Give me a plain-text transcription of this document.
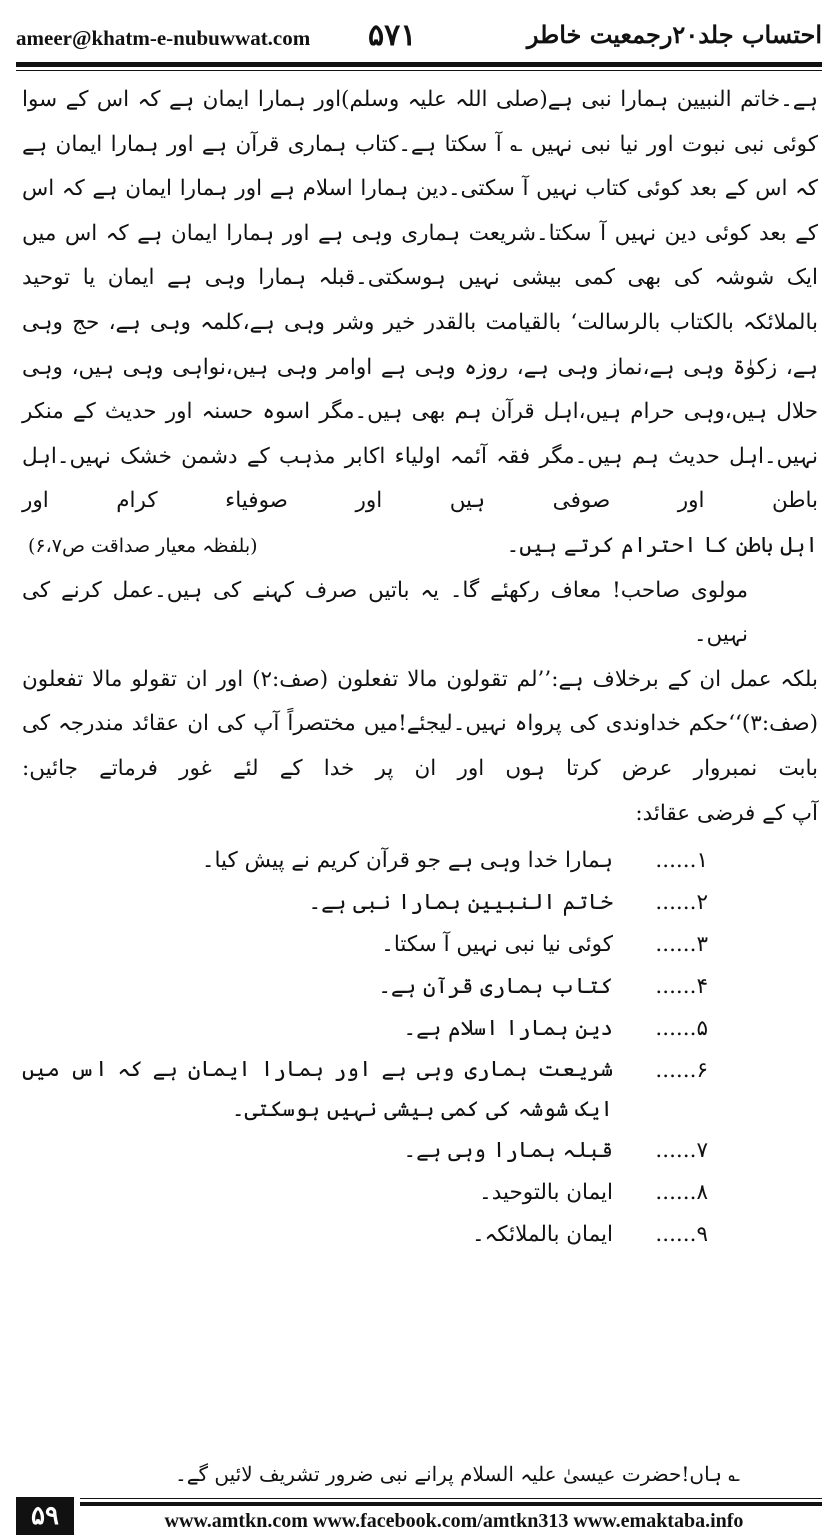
ameer@khatm-e-nubuwwat.com ۵۷۱	احتساب جلد۲۰رجمعیت خاطر

ہے۔خاتم النبیین ہمارا نبی ہے(صلی اللہ علیہ وسلم)اور ہمارا ایمان ہے کہ اس کے سوا کوئی نبی نبوت اور نیا نبی نہیں ؎ آ سکتا ہے۔کتاب ہماری قرآن ہے اور ہمارا ایمان ہے کہ اس کے بعد کوئی کتاب نہیں آ سکتی۔دین ہمارا اسلام ہے اور ہمارا ایمان ہے کہ اس کے بعد کوئی دین نہیں آ سکتا۔شریعت ہماری وہی ہے اور ہمارا ایمان ہے کہ اس میں ایک شوشہ کی بھی کمی بیشی نہیں ہوسکتی۔قبلہ ہمارا وہی ہے ایمان یا توحید بالملائکہ بالکتاب بالرسالت‘ بالقیامت بالقدر خیر وشر وہی ہے،کلمہ وہی ہے، حج وہی ہے، زکوٰۃ وہی ہے،نماز وہی ہے، روزہ وہی ہے اوامر وہی ہیں،نواہی وہی ہیں، وہی حلال ہیں،وہی حرام ہیں،اہل قرآن ہم بھی ہیں۔مگر اسوہ حسنہ اور حدیث کے منکر نہیں۔اہل حدیث ہم ہیں۔مگر فقہ آئمہ اولیاء اکابر مذہب کے دشمن خشک نہیں۔اہل باطن اور صوفی ہیں اور صوفیاء کرام اور

اہل باطن کا احترام کرتے ہیں۔
(بلفظہ معیار صداقت ص۶،۷)

مولوی صاحب! معاف رکھئے گا۔ یہ باتیں صرف کہنے کی ہیں۔عمل کرنے کی نہیں۔

بلکہ عمل ان کے برخلاف ہے:’’لم تقولون مالا تفعلون (صف:۲) اور ان تقولو مالا تفعلون (صف:۳)‘‘حکم خداوندی کی پرواہ نہیں۔لیجئے!میں مختصراً آپ کی ان عقائد مندرجہ کی بابت نمبروار عرض کرتا ہوں اور ان پر خدا کے لئے غور فرماتے جائیں:

آپ کے فرضی عقائد:

۱......
ہمارا خدا وہی ہے جو قرآن کریم نے پیش کیا۔
۲......
خاتم النبیین ہمارا نبی ہے۔
۳......
کوئی نیا نبی نہیں آ سکتا۔
۴......
کتاب ہماری قرآن ہے۔
۵......
دین ہمارا اسلام ہے۔
۶......
شریعت ہماری وہی ہے اور ہمارا ایمان ہے کہ اس میں ایک شوشہ کی کمی بیشی نہیں ہوسکتی۔
۷......
قبلہ ہمارا وہی ہے۔
۸......
ایمان بالتوحید۔
۹......
ایمان بالملائکہ۔
؎ ہاں!حضرت عیسیٰ علیہ السلام پرانے نبی ضرور تشریف لائیں گے۔
۵۹	www.amtkn.com www.facebook.com/amtkn313 www.emaktaba.info
